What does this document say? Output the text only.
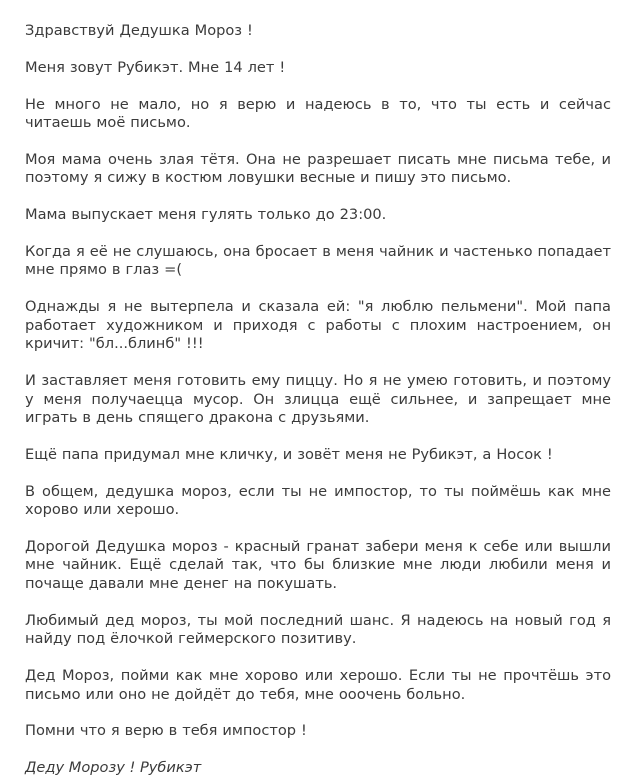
Здравствуй Дедушка Мороз !

Меня зовут Рубикэт. Мне 14 лет !

Не много не мало, но я верю и надеюсь в то, что ты есть и сейчас читаешь моё письмо.

Моя мама очень злая тётя. Она не разрешает писать мне письма тебе, и поэтому я сижу в костюм ловушки весные и пишу это письмо.

Мама выпускает меня гулять только до 23:00.

Когда я её не слушаюсь, она бросает в меня чайник и частенько попадает мне прямо в глаз =(

Однажды я не вытерпела и сказала ей: "я люблю пельмени". Мой папа работает художником и приходя с работы с плохим настроением, он кричит: "бл...блинб" !!!

И заставляет меня готовить ему пиццу. Но я не умею готовить, и поэтому у меня получаецца мусор. Он злицца ещё сильнее, и запрещает мне играть в день спящего дракона с друзьями.

Ещё папа придумал мне кличку, и зовёт меня не Рубикэт, а Носок !

В общем, дедушка мороз, если ты не импостор, то ты поймёшь как мне хорово или херошо.

Дорогой Дедушка мороз - красный гранат забери меня к себе или вышли мне чайник. Ещё сделай так, что бы близкие мне люди любили меня и почаще давали мне денег на покушать.

Любимый дед мороз, ты мой последний шанс. Я надеюсь на новый год я найду под ёлочкой геймерского позитиву.

Дед Мороз, пойми как мне хорово или херошо. Если ты не прочтёшь это письмо или оно не дойдёт до тебя, мне ооочень больно.

Помни что я верю в тебя импостор !

Деду Морозу ! Рубикэт
